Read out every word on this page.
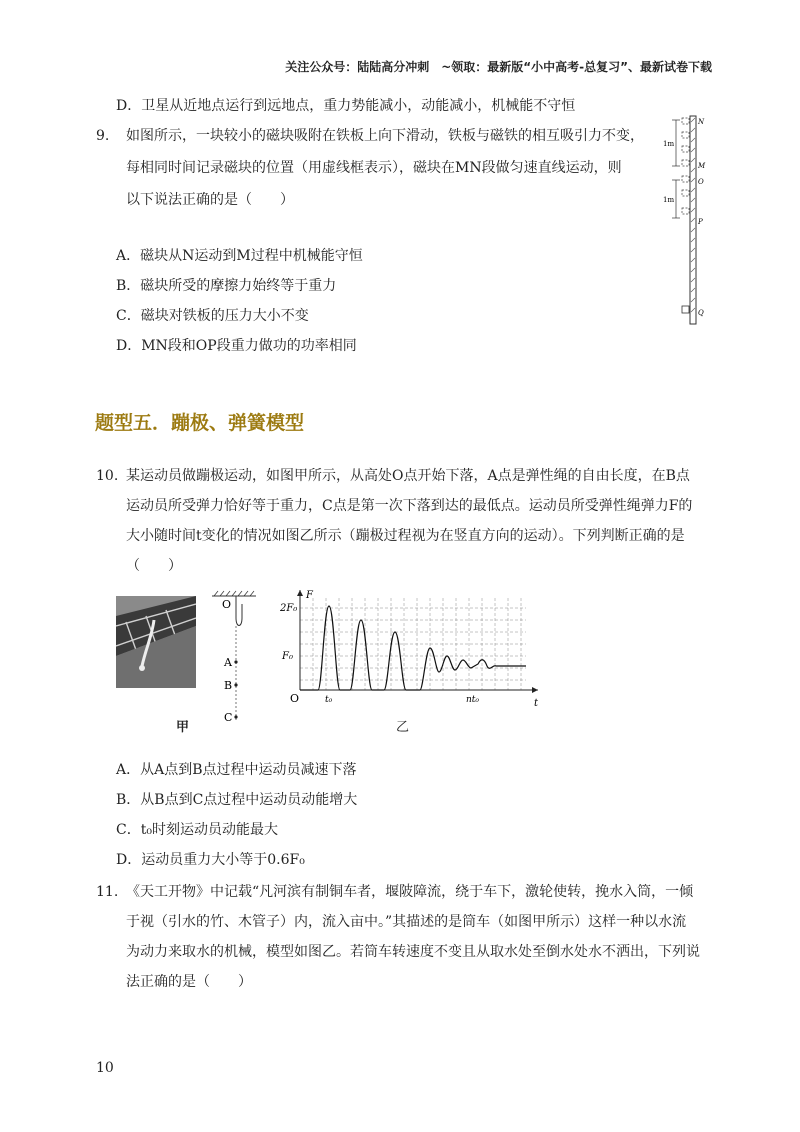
关注公众号：陆陆高分冲刺　~领取：最新版“小中高考-总复习”、最新试卷下载
D．卫星从近地点运行到远地点，重力势能减小，动能减小，机械能不守恒
9. 如图所示，一块较小的磁块吸附在铁板上向下滑动，铁板与磁铁的相互吸引力不变，
每相同时间记录磁块的位置（用虚线框表示），磁块在MN段做匀速直线运动，则
以下说法正确的是（　　）
A．磁块从N运动到M过程中机械能守恒
B．磁块所受的摩擦力始终等于重力
C．磁块对铁板的压力大小不变
D．MN段和OP段重力做功的功率相同
1m
1m
N
M
O
P
Q
题型五．蹦极、弹簧模型
10. 某运动员做蹦极运动，如图甲所示，从高处O点开始下落，A点是弹性绳的自由长度，在B点
运动员所受弹力恰好等于重力，C点是第一次下落到达的最低点。运动员所受弹性绳弹力F的
大小随时间t变化的情况如图乙所示（蹦极过程视为在竖直方向的运动）。下列判断正确的是
（　　）
O
A
B
C
甲
F
t
2F₀
F₀
O	t₀	nt₀
乙
A．从A点到B点过程中运动员减速下落
B．从B点到C点过程中运动员动能增大
C．t₀时刻运动员动能最大
D．运动员重力大小等于0.6F₀
11. 《天工开物》中记载“凡河滨有制铜车者，堰陂障流，绕于车下，激轮使转，挽水入筒，一倾
于视（引水的竹、木管子）内，流入亩中。”其描述的是筒车（如图甲所示）这样一种以水流
为动力来取水的机械，模型如图乙。若筒车转速度不变且从取水处至倒水处水不洒出，下列说
法正确的是（　　）
10
